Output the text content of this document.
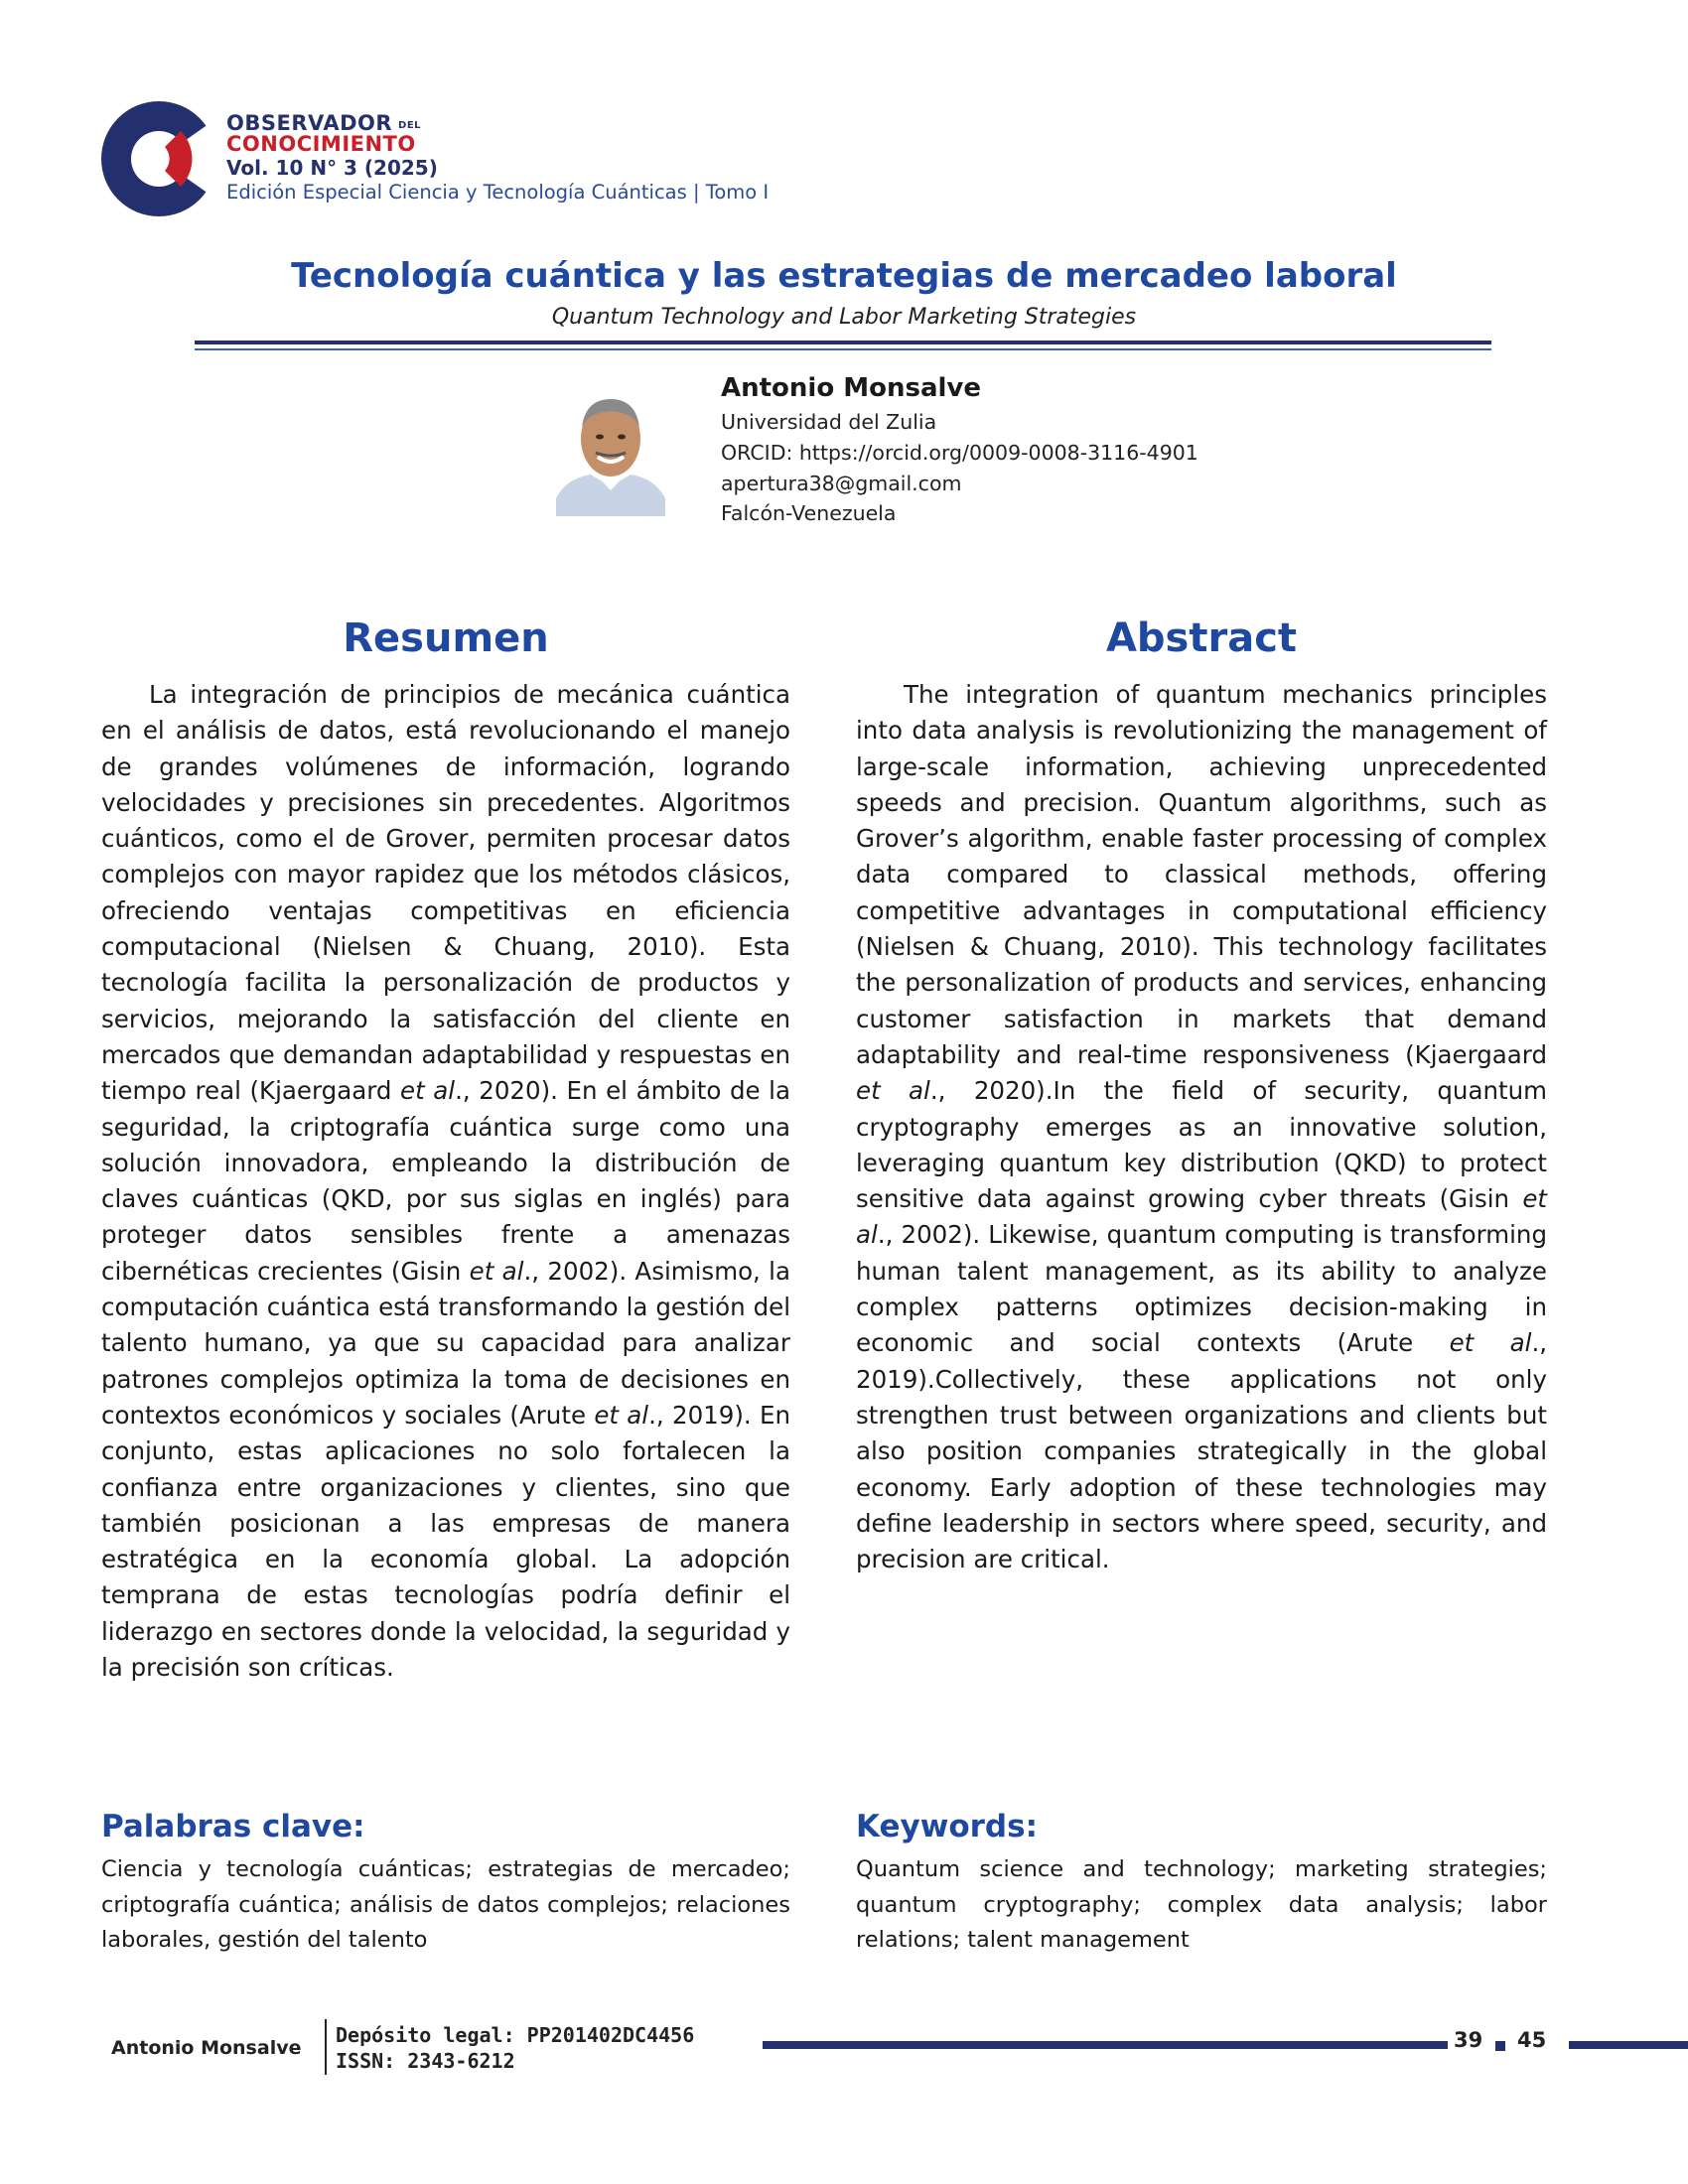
OBSERVADOR DEL
CONOCIMIENTO
Vol. 10 N° 3 (2025)
Edición Especial Ciencia y Tecnología Cuánticas | Tomo I
Tecnología cuántica y las estrategias de mercadeo laboral
Quantum Technology and Labor Marketing Strategies
Antonio Monsalve
Universidad del Zulia
ORCID: https://orcid.org/0009-0008-3116-4901
apertura38@gmail.com
Falcón-Venezuela
Resumen	Abstract

La integración de principios de mecánica cuántica en el análisis de datos, está revolucionando el manejo de grandes volúmenes de información, logrando velocidades y precisiones sin precedentes. Algoritmos cuánticos, como el de Grover, permiten procesar datos complejos con mayor rapidez que los métodos clásicos, ofreciendo ventajas competitivas en eficiencia computacional (Nielsen & Chuang, 2010). Esta tecnología facilita la personalización de productos y servicios, mejorando la satisfacción del cliente en mercados que demandan adaptabilidad y respuestas en tiempo real (Kjaergaard et al., 2020). En el ámbito de la seguridad, la criptografía cuántica surge como una solución innovadora, empleando la distribución de claves cuánticas (QKD, por sus siglas en inglés) para proteger datos sensibles frente a amenazas cibernéticas crecientes (Gisin et al., 2002). Asimismo, la computación cuántica está transformando la gestión del talento humano, ya que su capacidad para analizar patrones complejos optimiza la toma de decisiones en contextos económicos y sociales (Arute et al., 2019). En conjunto, estas aplicaciones no solo fortalecen la confianza entre organizaciones y clientes, sino que también posicionan a las empresas de manera estratégica en la economía global. La adopción temprana de estas tecnologías podría definir el liderazgo en sectores donde la velocidad, la seguridad y la precisión son críticas.

The integration of quantum mechanics principles into data analysis is revolutionizing the management of large-scale information, achieving unprecedented speeds and precision. Quantum algorithms, such as Grover’s algorithm, enable faster processing of complex data compared to classical methods, offering competitive advantages in computational efficiency (Nielsen & Chuang, 2010). This technology facilitates the personalization of products and services, enhancing customer satisfaction in markets that demand adaptability and real-time responsiveness (Kjaergaard et al., 2020).In the field of security, quantum cryptography emerges as an innovative solution, leveraging quantum key distribution (QKD) to protect sensitive data against growing cyber threats (Gisin et al., 2002). Likewise, quantum computing is transforming human talent management, as its ability to analyze complex patterns optimizes decision-making in economic and social contexts (Arute et al., 2019).Collectively, these applications not only strengthen trust between organizations and clients but also position companies strategically in the global economy. Early adoption of these technologies may define leadership in sectors where speed, security, and precision are critical.

Palabras clave:
Ciencia y tecnología cuánticas; estrategias de mercadeo; criptografía cuántica; análisis de datos complejos; relaciones laborales, gestión del talento
Keywords:
Quantum science and technology; marketing strategies; quantum cryptography; complex data analysis; labor relations; talent management
Antonio Monsalve
Depósito legal: PP201402DC4456
ISSN: 2343-6212
39 45
